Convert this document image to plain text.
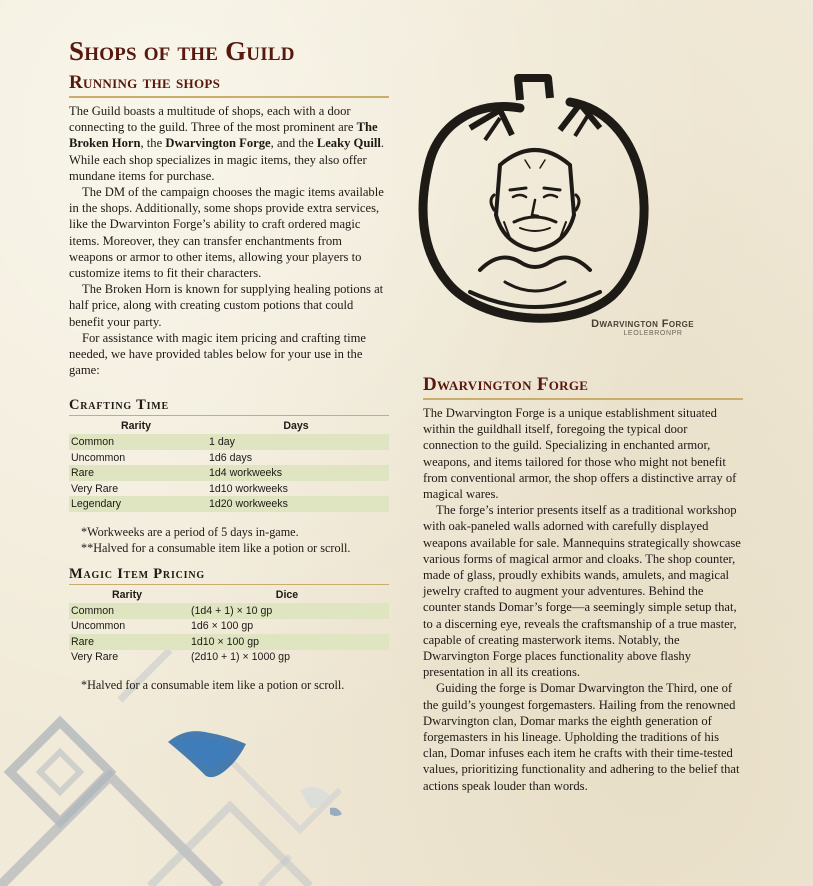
Shops of the Guild
Running the shops

The Guild boasts a multitude of shops, each with a door connecting to the guild. Three of the most prominent are The Broken Horn, the Dwarvington Forge, and the Leaky Quill. While each shop specializes in magic items, they also offer mundane items for purchase.

The DM of the campaign chooses the magic items available in the shops. Additionally, some shops provide extra services, like the Dwarvinton Forge’s ability to craft ordered magic items. Moreover, they can transfer enchantments from weapons or armor to other items, allowing your players to customize items to fit their characters.

The Broken Horn is known for supplying healing potions at half price, along with creating custom potions that could benefit your party.

For assistance with magic item pricing and crafting time needed, we have provided tables below for your use in the game:

Crafting Time
Rarity	Days
Common	1 day
Uncommon	1d6 days
Rare	1d4 workweeks
Very Rare	1d10 workweeks
Legendary	1d20 workweeks

*Workweeks are a period of 5 days in-game.

**Halved for a consumable item like a potion or scroll.

Magic Item Pricing
Rarity	Dice
Common	(1d4 + 1) × 10 gp
Uncommon	1d6 × 100 gp
Rare	1d10 × 100 gp
Very Rare	(2d10 + 1) × 1000 gp

*Halved for a consumable item like a potion or scroll.

Dwarvington Forge
LEOLEBRONPR
Dwarvington Forge

The Dwarvington Forge is a unique establishment situated within the guildhall itself, foregoing the typical door connection to the guild. Specializing in enchanted armor, weapons, and items tailored for those who might not benefit from conventional armor, the shop offers a distinctive array of magical wares.

The forge’s interior presents itself as a traditional workshop with oak-paneled walls adorned with carefully displayed weapons available for sale. Mannequins strategically showcase various forms of magical armor and cloaks. The shop counter, made of glass, proudly exhibits wands, amulets, and magical jewelry crafted to augment your adventures. Behind the counter stands Domar’s forge—a seemingly simple setup that, to a discerning eye, reveals the craftsmanship of a true master, capable of creating masterwork items. Notably, the Dwarvington Forge places functionality above flashy presentation in all its creations.

Guiding the forge is Domar Dwarvington the Third, one of the guild’s youngest forgemasters. Hailing from the renowned Dwarvington clan, Domar marks the eighth generation of forgemasters in his lineage. Upholding the traditions of his clan, Domar infuses each item he crafts with their time-tested values, prioritizing functionality and adhering to the belief that actions speak louder than words.
